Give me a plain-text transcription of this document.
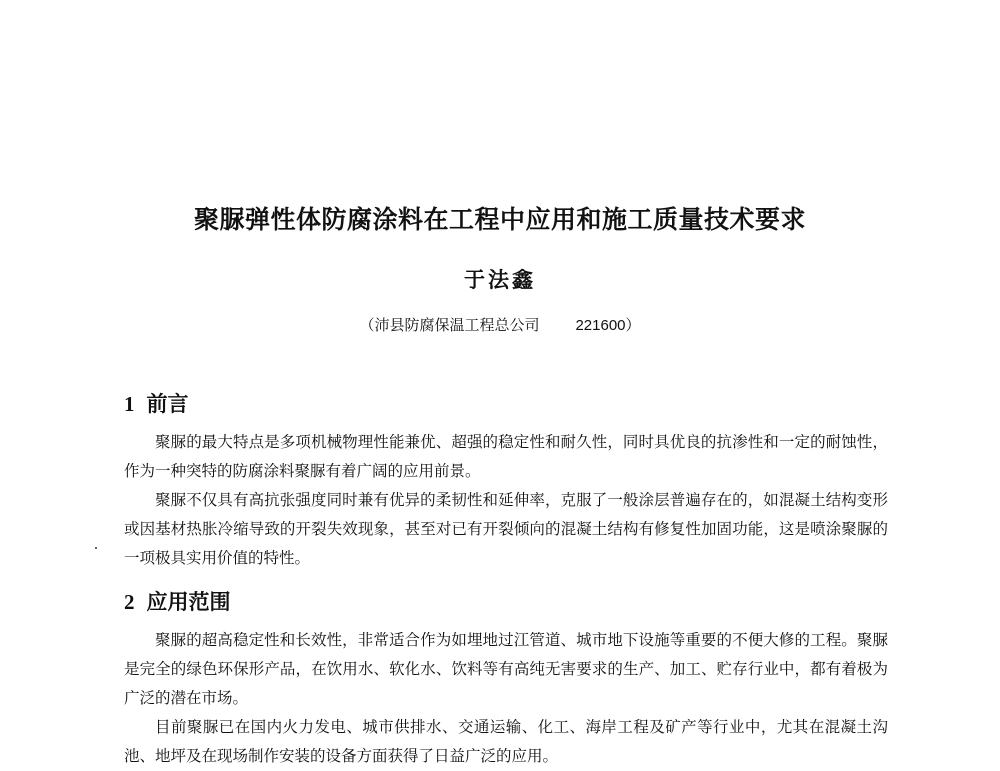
聚脲弹性体防腐涂料在工程中应用和施工质量技术要求
于法鑫
（沛县防腐保温工程总公司 221600）
1 前言

聚脲的最大特点是多项机械物理性能兼优、超强的稳定性和耐久性，同时具优良的抗渗性和一定的耐蚀性，作为一种突特的防腐涂料聚脲有着广阔的应用前景。

聚脲不仅具有高抗张强度同时兼有优异的柔韧性和延伸率，克服了一般涂层普遍存在的，如混凝土结构变形或因基材热胀冷缩导致的开裂失效现象，甚至对已有开裂倾向的混凝土结构有修复性加固功能，这是喷涂聚脲的一项极具实用价值的特性。

2 应用范围

聚脲的超高稳定性和长效性，非常适合作为如埋地过江管道、城市地下设施等重要的不便大修的工程。聚脲是完全的绿色环保形产品，在饮用水、软化水、饮料等有高纯无害要求的生产、加工、贮存行业中，都有着极为广泛的潜在市场。

目前聚脲已在国内火力发电、城市供排水、交通运输、化工、海岸工程及矿产等行业中，尤其在混凝土沟池、地坪及在现场制作安装的设备方面获得了日益广泛的应用。
